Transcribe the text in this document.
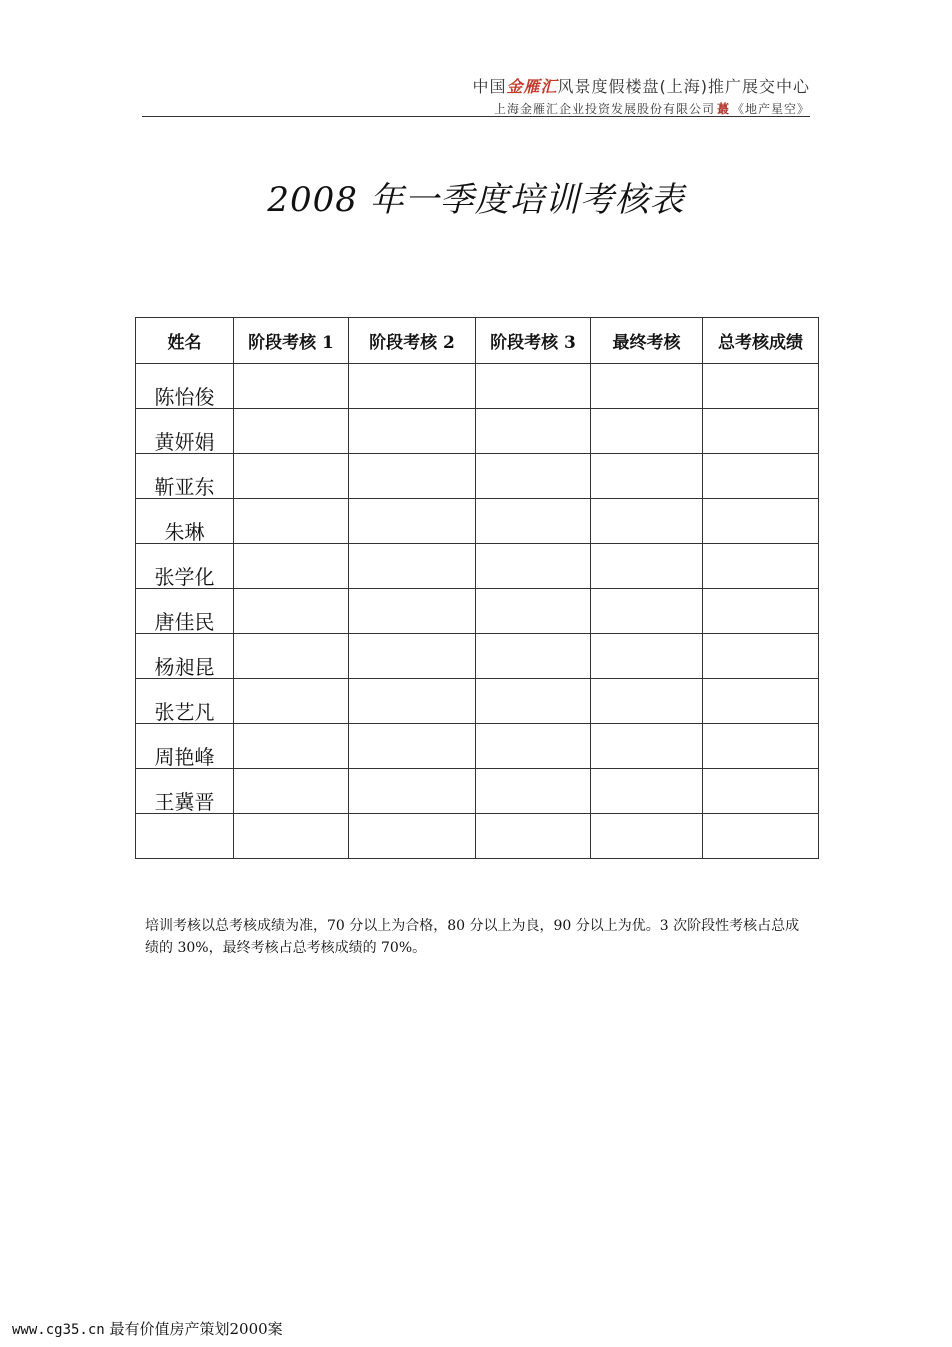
中国金雁汇风景度假楼盘(上海)推广展交中心
上海金雁汇企业投资发展股份有限公司 蕞 《地产星空》
2008 年一季度培训考核表
姓名	阶段考核 1	阶段考核 2	阶段考核 3	最终考核	总考核成绩
陈怡俊					
黄妍娟					
靳亚东					
朱琳					
张学化					
唐佳民					
杨昶昆					
张艺凡					
周艳峰					
王冀晋					

培训考核以总考核成绩为准，70 分以上为合格，80 分以上为良，90 分以上为优。3 次阶段性考核占总成绩的 30%，最终考核占总考核成绩的 70%。
www.cg35.cn 最有价值房产策划2000案
